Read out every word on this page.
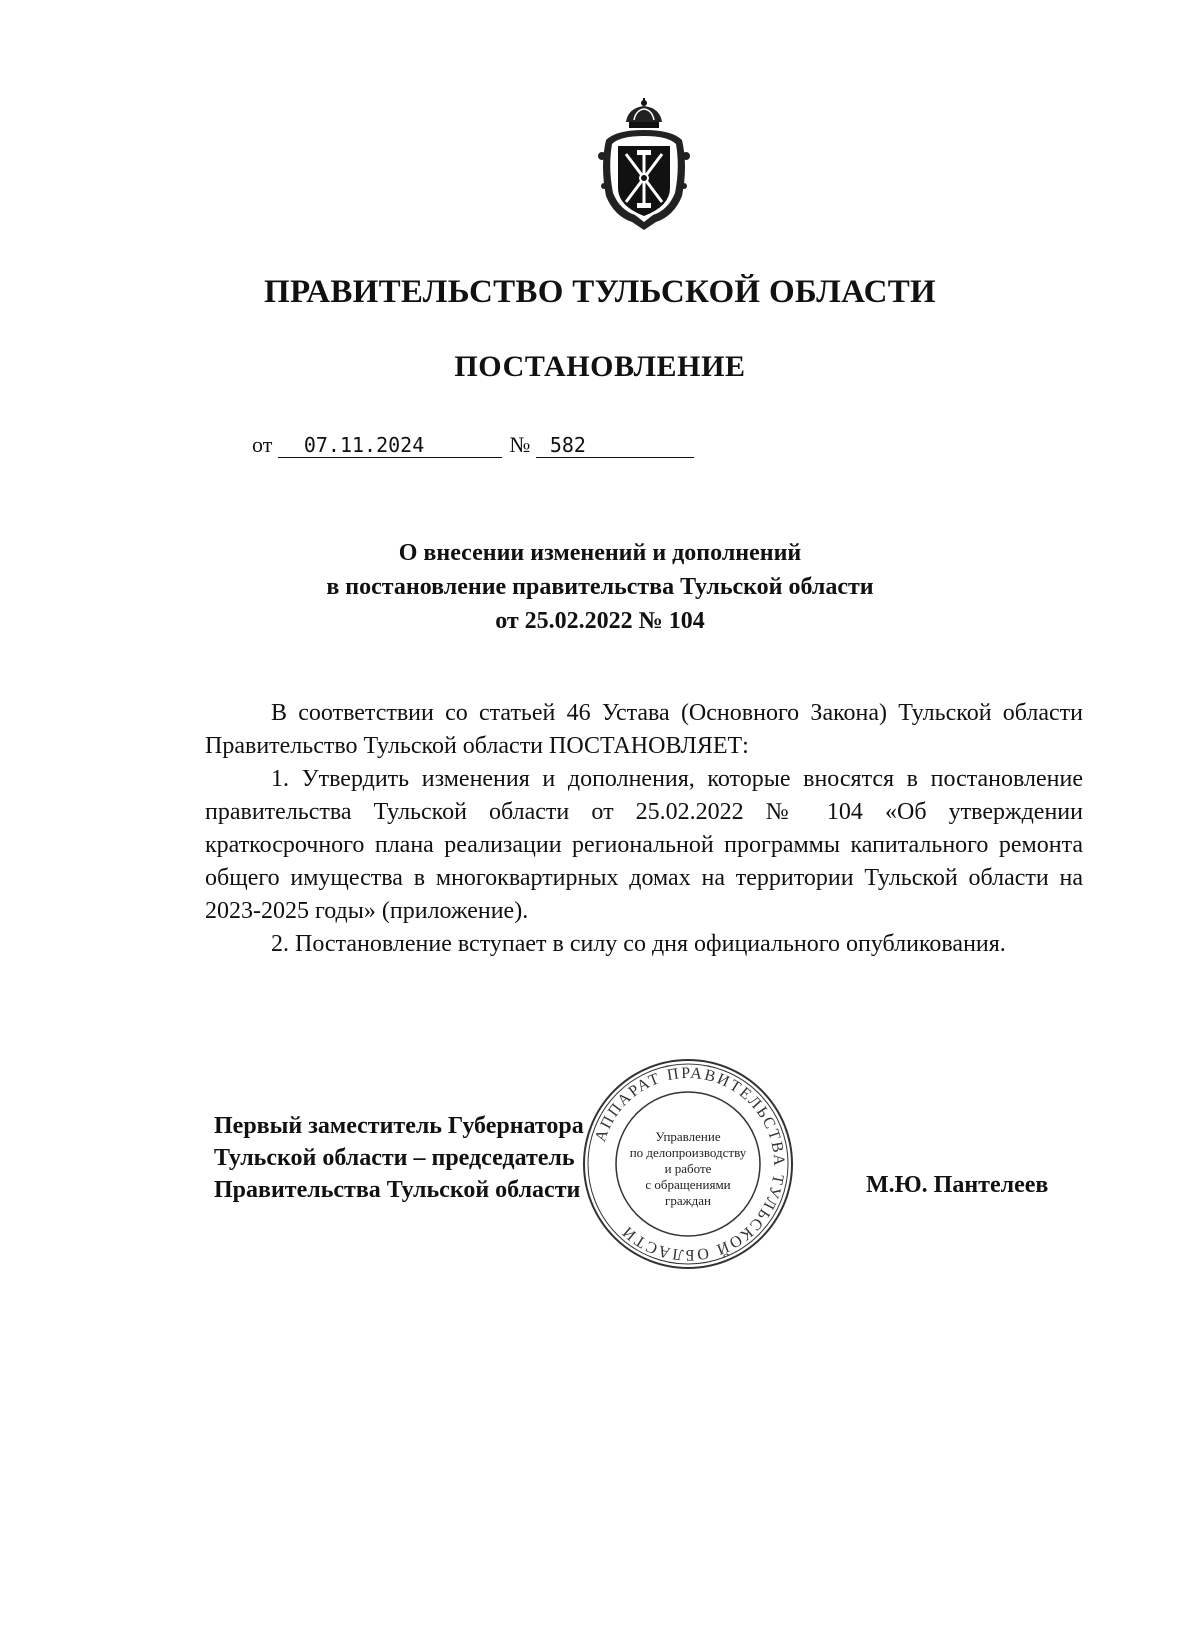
ПРАВИТЕЛЬСТВО ТУЛЬСКОЙ ОБЛАСТИ
ПОСТАНОВЛЕНИЕ
от 07.11.2024	№ 582
О внесении изменений и дополнений
в постановление правительства Тульской области
от 25.02.2022 № 104

В соответствии со статьей 46 Устава (Основного Закона) Тульской области Правительство Тульской области ПОСТАНОВЛЯЕТ:

1. Утвердить изменения и дополнения, которые вносятся в постановление правительства Тульской области от 25.02.2022 № 104 «Об утверждении краткосрочного плана реализации региональной программы капитального ремонта общего имущества в многоквартирных домах на территории Тульской области на 2023-2025 годы» (приложение).

2. Постановление вступает в силу со дня официального опубликования.

Первый заместитель Губернатора
Тульской области – председатель
Правительства Тульской области
АППАРАТ ПРАВИТЕЛЬСТВА ТУЛЬСКОЙ ОБЛАСТИ
Управление
по делопроизводству
и работе
с обращениями
граждан
М.Ю. Пантелеев
